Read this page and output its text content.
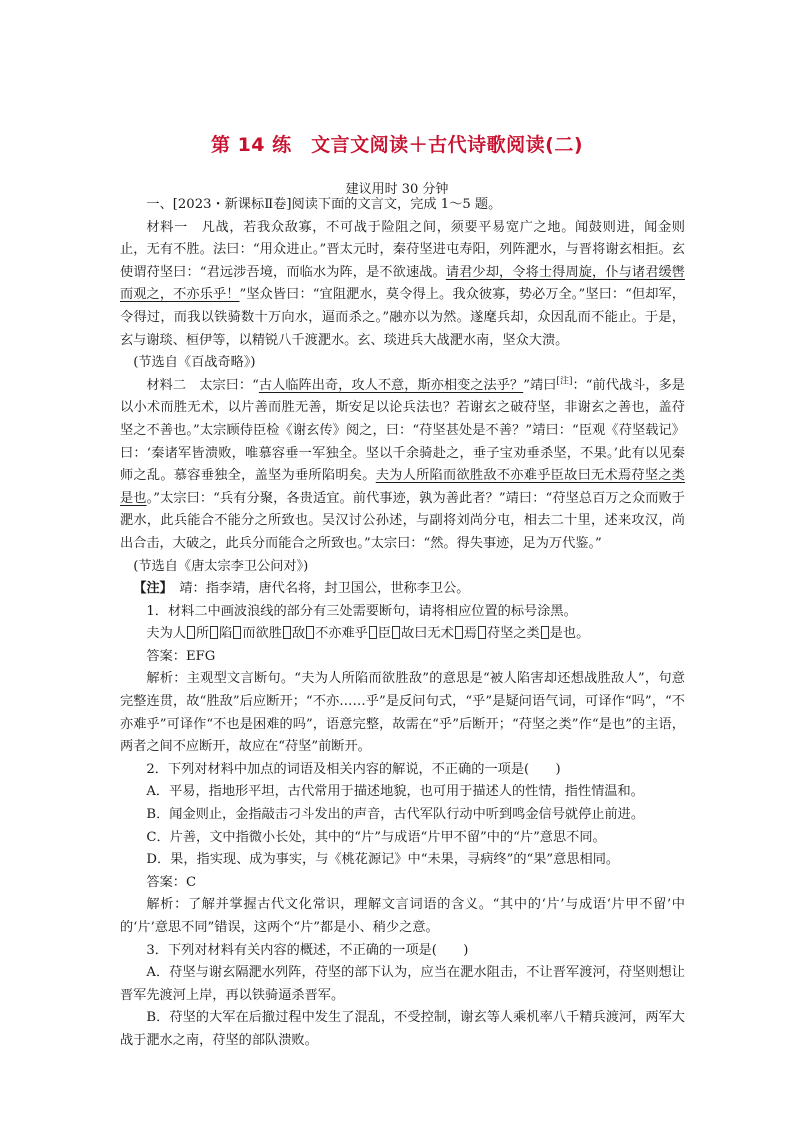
第 14 练　文言文阅读＋古代诗歌阅读(二)
建议用时 30 分钟

一、[2023・新课标Ⅱ卷]阅读下面的文言文，完成 1～5 题。

材料一　凡战，若我众敌寡，不可战于险阻之间，须要平易宽广之地。闻鼓则进，闻金则止，无有不胜。法曰：“用众进止。”晋太元时，秦苻坚进屯寿阳，列阵淝水，与晋将谢玄相拒。玄使谓苻坚曰：“君远涉吾境，而临水为阵，是不欲速战。请君少却，令将士得周旋，仆与诸君缓辔而观之，不亦乐乎！”坚众皆曰：“宜阻淝水，莫令得上。我众彼寡，势必万全。”坚曰：“但却军，令得过，而我以铁骑数十万向水，逼而杀之。”融亦以为然。遂麾兵却，众因乱而不能止。于是，玄与谢琰、桓伊等，以精锐八千渡淝水。玄、琰进兵大战淝水南，坚众大溃。

(节选自《百战奇略》)

材料二　太宗曰：“古人临阵出奇，攻人不意，斯亦相变之法乎？”靖曰[注]：“前代战斗，多是以小术而胜无术，以片善而胜无善，斯安足以论兵法也？若谢玄之破苻坚，非谢玄之善也，盖苻坚之不善也。”太宗顾侍臣检《谢玄传》阅之，曰：“苻坚甚处是不善？”靖曰：“臣观《苻坚载记》曰：‘秦诸军皆溃败，唯慕容垂一军独全。坚以千余骑赴之，垂子宝劝垂杀坚，不果。’此有以见秦师之乱。慕容垂独全，盖坚为垂所陷明矣。夫为人所陷而欲胜敌不亦难乎臣故曰无术焉苻坚之类是也。”太宗曰：“兵有分聚，各贵适宜。前代事迹，孰为善此者？”靖曰：“苻坚总百万之众而败于淝水，此兵能合不能分之所致也。吴汉讨公孙述，与副将刘尚分屯，相去二十里，述来攻汉，尚出合击，大破之，此兵分而能合之所致也。”太宗曰：“然。得失事迹，足为万代鉴。”

(节选自《唐太宗李卫公问对》)

【注】　靖：指李靖，唐代名将，封卫国公，世称李卫公。

1．材料二中画波浪线的部分有三处需要断句，请将相应位置的标号涂黑。

夫为人 所 陷 而欲胜 敌 不亦难乎 臣 故曰无术 焉 苻坚之类 是也。

答案：EFG

解析：主观型文言断句。“夫为人所陷而欲胜敌”的意思是“被人陷害却还想战胜敌人”，句意完整连贯，故“胜敌”后应断开；“不亦……乎”是反问句式，“乎”是疑问语气词，可译作“吗”，“不亦难乎”可译作“不也是困难的吗”，语意完整，故需在“乎”后断开；“苻坚之类”作“是也”的主语，两者之间不应断开，故应在“苻坚”前断开。

2．下列对材料中加点的词语及相关内容的解说，不正确的一项是(　　)

A．平易，指地形平坦，古代常用于描述地貌，也可用于描述人的性情，指性情温和。

B．闻金则止，金指敲击刁斗发出的声音，古代军队行动中听到鸣金信号就停止前进。

C．片善，文中指微小长处，其中的“片”与成语“片甲不留”中的“片”意思不同。

D．果，指实现、成为事实，与《桃花源记》中“未果，寻病终”的“果”意思相同。

答案：C

解析：了解并掌握古代文化常识，理解文言词语的含义。“其中的‘片’与成语‘片甲不留’中的‘片’意思不同”错误，这两个“片”都是小、稍少之意。

3．下列对材料有关内容的概述，不正确的一项是(　　)

A．苻坚与谢玄隔淝水列阵，苻坚的部下认为，应当在淝水阻击，不让晋军渡河，苻坚则想让晋军先渡河上岸，再以铁骑逼杀晋军。

B．苻坚的大军在后撤过程中发生了混乱，不受控制，谢玄等人乘机率八千精兵渡河，两军大战于淝水之南，苻坚的部队溃败。
